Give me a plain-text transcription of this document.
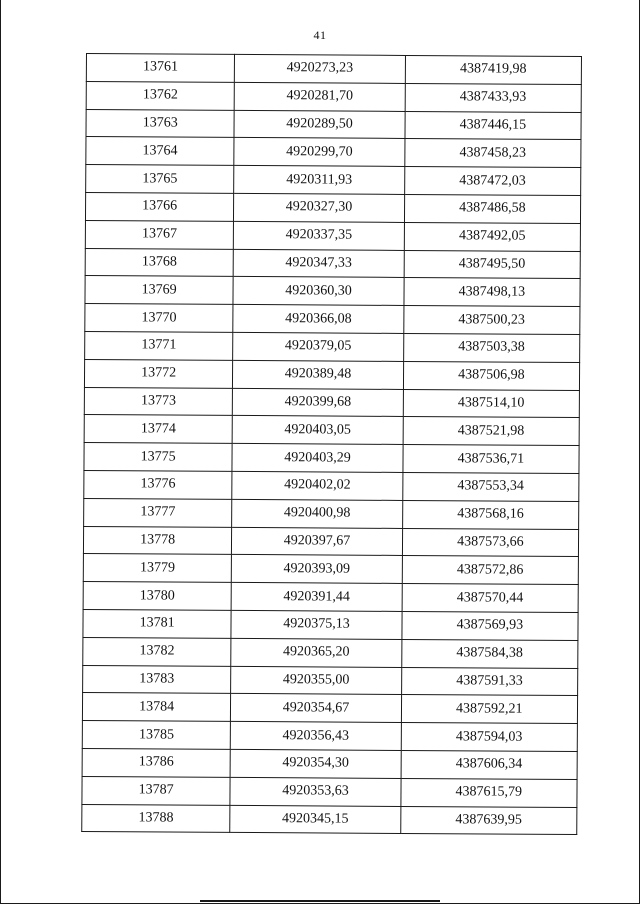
41
13761	4920273,23	4387419,98
13762	4920281,70	4387433,93
13763	4920289,50	4387446,15
13764	4920299,70	4387458,23
13765	4920311,93	4387472,03
13766	4920327,30	4387486,58
13767	4920337,35	4387492,05
13768	4920347,33	4387495,50
13769	4920360,30	4387498,13
13770	4920366,08	4387500,23
13771	4920379,05	4387503,38
13772	4920389,48	4387506,98
13773	4920399,68	4387514,10
13774	4920403,05	4387521,98
13775	4920403,29	4387536,71
13776	4920402,02	4387553,34
13777	4920400,98	4387568,16
13778	4920397,67	4387573,66
13779	4920393,09	4387572,86
13780	4920391,44	4387570,44
13781	4920375,13	4387569,93
13782	4920365,20	4387584,38
13783	4920355,00	4387591,33
13784	4920354,67	4387592,21
13785	4920356,43	4387594,03
13786	4920354,30	4387606,34
13787	4920353,63	4387615,79
13788	4920345,15	4387639,95
